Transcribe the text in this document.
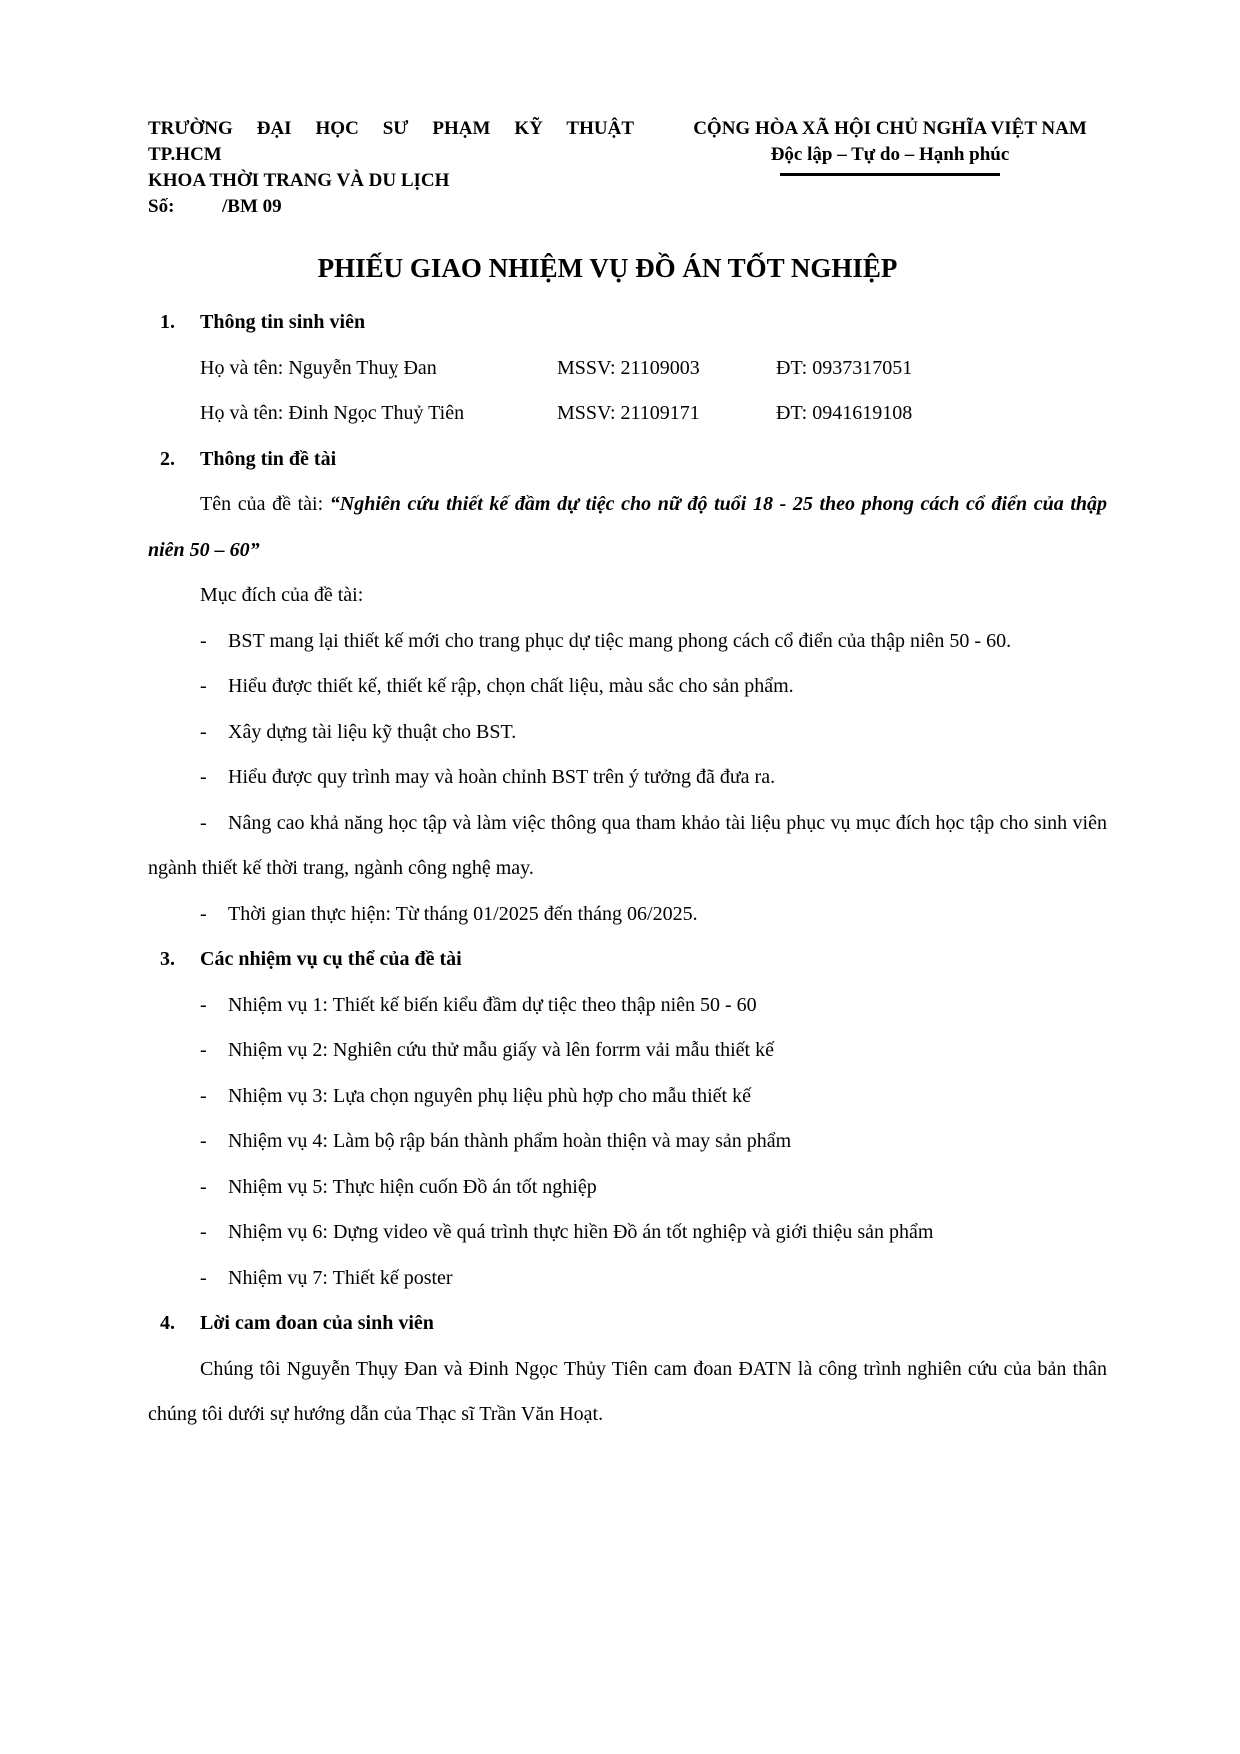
TRƯỜNG ĐẠI HỌC SƯ PHẠM KỸ THUẬT
TP.HCM
KHOA THỜI TRANG VÀ DU LỊCH
Số:	/BM 09
CỘNG HÒA XÃ HỘI CHỦ NGHĨA VIỆT NAM
Độc lập – Tự do – Hạnh phúc
PHIẾU GIAO NHIỆM VỤ ĐỒ ÁN TỐT NGHIỆP

1. Thông tin sinh viên

Họ và tên: Nguyễn Thuỵ Đan	MSSV: 21109003	ĐT: 0937317051

Họ và tên: Đinh Ngọc Thuỷ Tiên	MSSV: 21109171	ĐT: 0941619108

2. Thông tin đề tài

Tên của đề tài: “Nghiên cứu thiết kế đầm dự tiệc cho nữ độ tuổi 18 - 25 theo phong cách cổ điển của thập niên 50 – 60”

Mục đích của đề tài:

- BST mang lại thiết kế mới cho trang phục dự tiệc mang phong cách cổ điển của thập niên 50 - 60.

- Hiểu được thiết kế, thiết kế rập, chọn chất liệu, màu sắc cho sản phẩm.

- Xây dựng tài liệu kỹ thuật cho BST.

- Hiểu được quy trình may và hoàn chỉnh BST trên ý tưởng đã đưa ra.

- Nâng cao khả năng học tập và làm việc thông qua tham khảo tài liệu phục vụ mục đích học tập cho sinh viên ngành thiết kế thời trang, ngành công nghệ may.

- Thời gian thực hiện: Từ tháng 01/2025 đến tháng 06/2025.

3. Các nhiệm vụ cụ thể của đề tài

- Nhiệm vụ 1: Thiết kế biến kiểu đầm dự tiệc theo thập niên 50 - 60

- Nhiệm vụ 2: Nghiên cứu thử mẫu giấy và lên forrm vải mẫu thiết kế

- Nhiệm vụ 3: Lựa chọn nguyên phụ liệu phù hợp cho mẫu thiết kế

- Nhiệm vụ 4: Làm bộ rập bán thành phẩm hoàn thiện và may sản phẩm

- Nhiệm vụ 5: Thực hiện cuốn Đồ án tốt nghiệp

- Nhiệm vụ 6: Dựng video về quá trình thực hiền Đồ án tốt nghiệp và giới thiệu sản phẩm

- Nhiệm vụ 7: Thiết kế poster

4. Lời cam đoan của sinh viên

Chúng tôi Nguyễn Thụy Đan và Đinh Ngọc Thủy Tiên cam đoan ĐATN là công trình nghiên cứu của bản thân chúng tôi dưới sự hướng dẫn của Thạc sĩ Trần Văn Hoạt.
